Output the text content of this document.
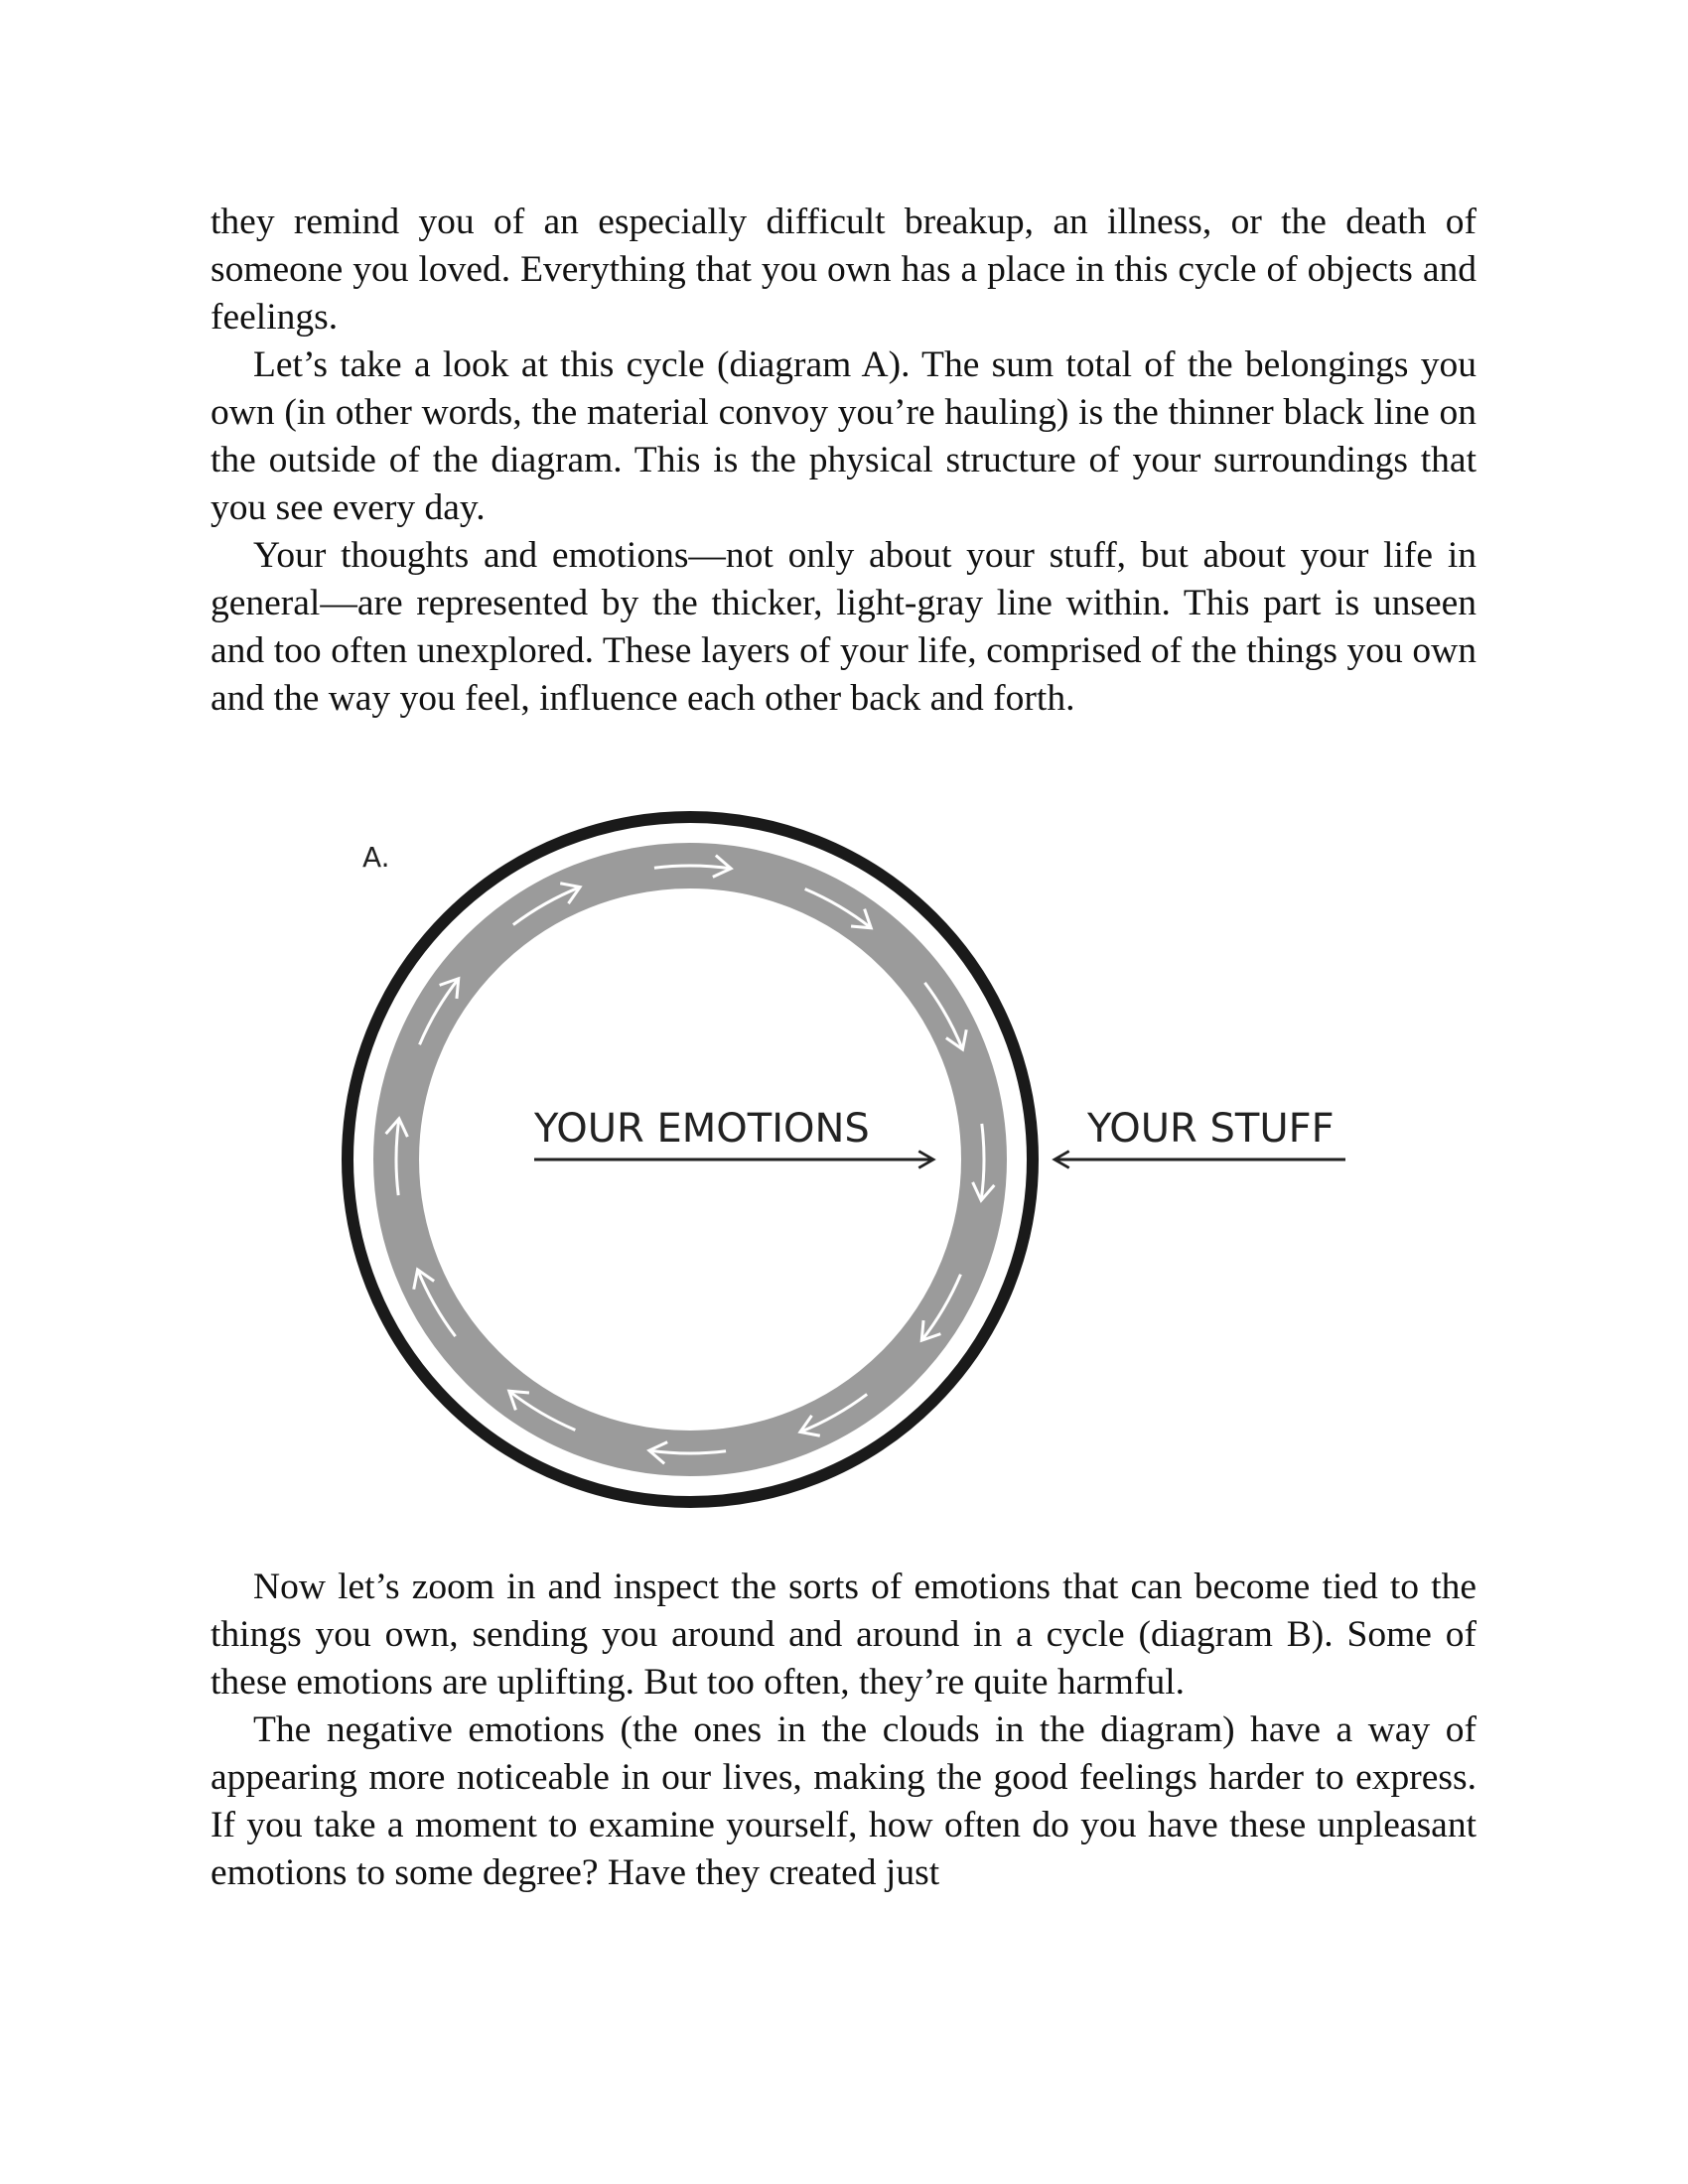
they remind you of an especially difficult breakup, an illness, or the death of someone you loved. Everything that you own has a place in this cycle of objects and feelings.

Let’s take a look at this cycle (diagram A). The sum total of the belongings you own (in other words, the material convoy you’re hauling) is the thinner black line on the outside of the diagram. This is the physical structure of your surroundings that you see every day.

Your thoughts and emotions—not only about your stuff, but about your life in general—are represented by the thicker, light-gray line within. This part is unseen and too often unexplored. These layers of your life, comprised of the things you own and the way you feel, influence each other back and forth.

A.
YOUR EMOTIONS	YOUR STUFF

Now let’s zoom in and inspect the sorts of emotions that can become tied to the things you own, sending you around and around in a cycle (diagram B). Some of these emotions are uplifting. But too often, they’re quite harmful.

The negative emotions (the ones in the clouds in the diagram) have a way of appearing more noticeable in our lives, making the good feelings harder to express. If you take a moment to examine yourself, how often do you have these unpleasant emotions to some degree? Have they created just
